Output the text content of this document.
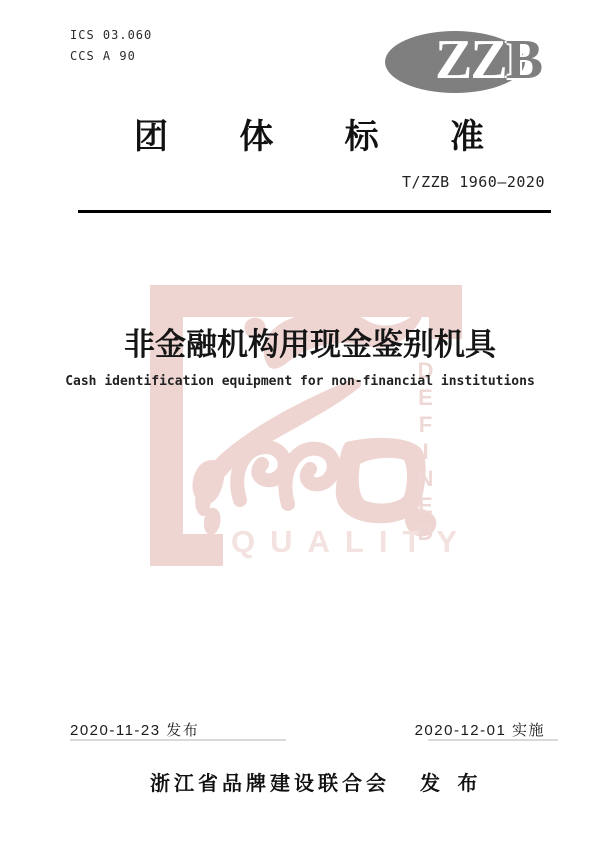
ICS 03.060
CCS A 90	ZZB
团 体 标 准
T/ZZB 1960—2020
QUALITY
DEFINED
非金融机构用现金鉴别机具
Cash identification equipment for non-financial institutions
2020-11-23 发布	2020-12-01 实施
浙江省品牌建设联合会 发 布
